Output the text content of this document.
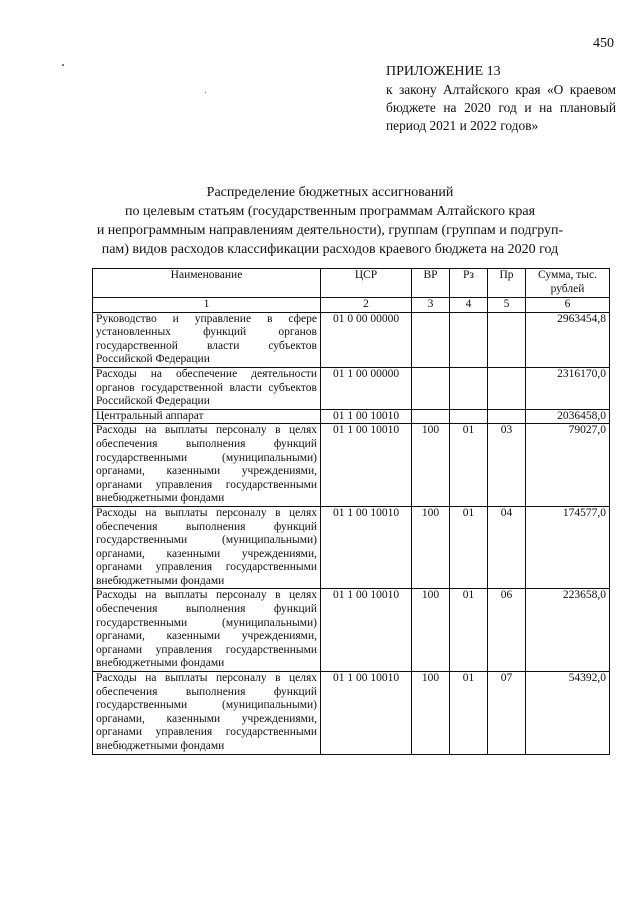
450
ПРИЛОЖЕНИЕ 13
к закону Алтайского края «О краевом бюджете на 2020 год и на плановый период 2021 и 2022 годов»
Распределение бюджетных ассигнований
по целевым статьям (государственным программам Алтайского края
и непрограммным направлениям деятельности), группам (группам и подгруп-
пам) видов расходов классификации расходов краевого бюджета на 2020 год
Наименование	ЦСР	ВР	Рз	Пр	Сумма, тыс. рублей
1	2	3	4	5	6
Руководство и управление в сфере установленных функций органов государственной власти субъектов Российской Федерации	01 0 00 00000				2963454,8
Расходы на обеспечение деятельности органов государственной власти субъектов Российской Федерации	01 1 00 00000				2316170,0
Центральный аппарат	01 1 00 10010				2036458,0
Расходы на выплаты персоналу в целях обеспечения выполнения функций государственными (муниципальными) органами, казенными учреждениями, органами управления государственными внебюджетными фондами	01 1 00 10010	100	01	03	79027,0
Расходы на выплаты персоналу в целях обеспечения выполнения функций государственными (муниципальными) органами, казенными учреждениями, органами управления государственными внебюджетными фондами	01 1 00 10010	100	01	04	174577,0
Расходы на выплаты персоналу в целях обеспечения выполнения функций государственными (муниципальными) органами, казенными учреждениями, органами управления государственными внебюджетными фондами	01 1 00 10010	100	01	06	223658,0
Расходы на выплаты персоналу в целях обеспечения выполнения функций государственными (муниципальными) органами, казенными учреждениями, органами управления государственными внебюджетными фондами	01 1 00 10010	100	01	07	54392,0
